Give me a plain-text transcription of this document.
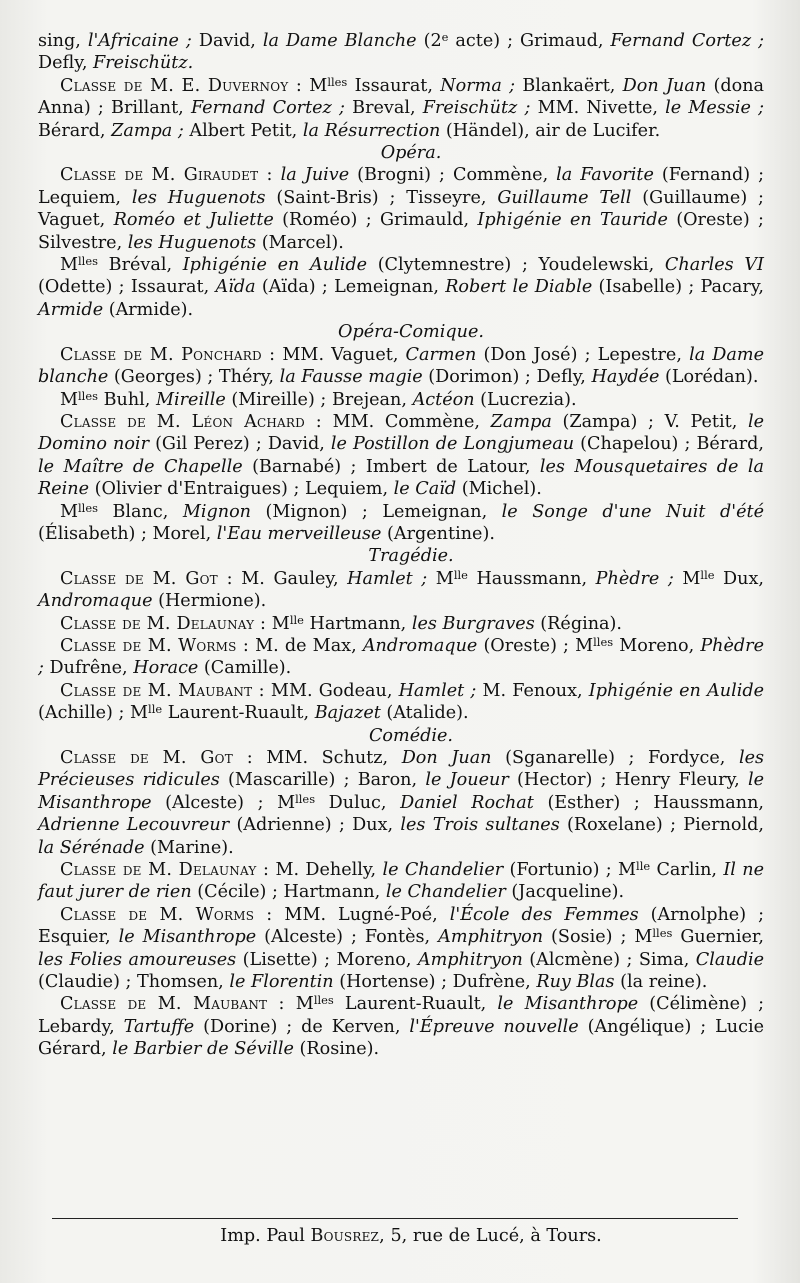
sing, l'Africaine ; David, la Dame Blanche (2e acte) ; Grimaud, Fernand Cortez ; Defly, Freischütz.

Classe de M. E. Duvernoy : $M^{lles}$ Issaurat, Norma ; Blankaërt, Don Juan (dona Anna) ; Brillant, Fernand Cortez ; Breval, Freischütz ; MM. Nivette, le Messie ; Bérard, Zampa ; Albert Petit, la Résurrection (Händel), air de Lucifer.

Opéra.

Classe de M. Giraudet : la Juive (Brogni) ; Commène, la Favorite (Fernand) ; Lequiem, les Huguenots (Saint-Bris) ; Tisseyre, Guillaume Tell (Guillaume) ; Vaguet, Roméo et Juliette (Roméo) ; Grimauld, Iphigénie en Tauride (Oreste) ; Silvestre, les Huguenots (Marcel).

$M^{lles}$ Bréval, Iphigénie en Aulide (Clytemnestre) ; Youdelewski, Charles VI (Odette) ; Issaurat, Aïda (Aïda) ; Lemeignan, Robert le Diable (Isabelle) ; Pacary, Armide (Armide).

Opéra-Comique.

Classe de M. Ponchard : MM. Vaguet, Carmen (Don José) ; Lepestre, la Dame blanche (Georges) ; Théry, la Fausse magie (Dorimon) ; Defly, Haydée (Lorédan).

$M^{lles}$ Buhl, Mireille (Mireille) ; Brejean, Actéon (Lucrezia).

Classe de M. Léon Achard : MM. Commène, Zampa (Zampa) ; V. Petit, le Domino noir (Gil Perez) ; David, le Postillon de Longjumeau (Chapelou) ; Bérard, le Maître de Chapelle (Barnabé) ; Imbert de Latour, les Mousquetaires de la Reine (Olivier d'Entraigues) ; Lequiem, le Caïd (Michel).

$M^{lles}$ Blanc, Mignon (Mignon) ; Lemeignan, le Songe d'une Nuit d'été (Élisabeth) ; Morel, l'Eau merveilleuse (Argentine).

Tragédie.

Classe de M. Got : M. Gauley, Hamlet ; $M^{lle}$ Haussmann, Phèdre ; $M^{lle}$ Dux, Andromaque (Hermione).

Classe de M. Delaunay : $M^{lle}$ Hartmann, les Burgraves (Régina).

Classe de M. Worms : M. de Max, Andromaque (Oreste) ; $M^{lles}$ Moreno, Phèdre ; Dufrêne, Horace (Camille).

Classe de M. Maubant : MM. Godeau, Hamlet ; M. Fenoux, Iphigénie en Aulide (Achille) ; $M^{lle}$ Laurent-Ruault, Bajazet (Atalide).

Comédie.

Classe de M. Got : MM. Schutz, Don Juan (Sganarelle) ; Fordyce, les Précieuses ridicules (Mascarille) ; Baron, le Joueur (Hector) ; Henry Fleury, le Misanthrope (Alceste) ; $M^{lles}$ Duluc, Daniel Rochat (Esther) ; Haussmann, Adrienne Lecouvreur (Adrienne) ; Dux, les Trois sultanes (Roxelane) ; Piernold, la Sérénade (Marine).

Classe de M. Delaunay : M. Dehelly, le Chandelier (Fortunio) ; $M^{lle}$ Carlin, Il ne faut jurer de rien (Cécile) ; Hartmann, le Chandelier (Jacqueline).

Classe de M. Worms : MM. Lugné-Poé, l'École des Femmes (Arnolphe) ; Esquier, le Misanthrope (Alceste) ; Fontès, Amphitryon (Sosie) ; $M^{lles}$ Guernier, les Folies amoureuses (Lisette) ; Moreno, Amphitryon (Alcmène) ; Sima, Claudie (Claudie) ; Thomsen, le Florentin (Hortense) ; Dufrène, Ruy Blas (la reine).

Classe de M. Maubant : $M^{lles}$ Laurent-Ruault, le Misanthrope (Célimène) ; Lebardy, Tartuffe (Dorine) ; de Kerven, l'Épreuve nouvelle (Angélique) ; Lucie Gérard, le Barbier de Séville (Rosine).

Imp. Paul Bousrez, 5, rue de Lucé, à Tours.
